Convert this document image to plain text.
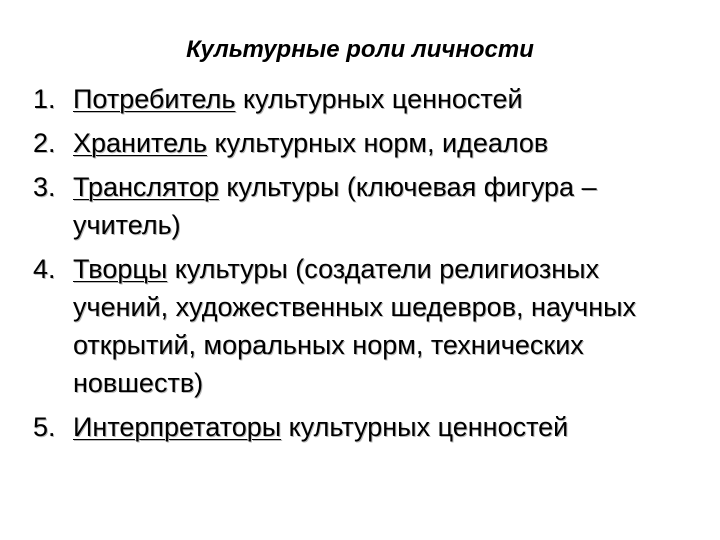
Культурные роли личности
1. Потребитель культурных ценностей
2. Хранитель культурных норм, идеалов
3. Транслятор культуры (ключевая фигура – учитель)
4. Творцы культуры (создатели религиозных учений, художественных шедевров, научных открытий, моральных норм, технических новшеств)
5. Интерпретаторы культурных ценностей
